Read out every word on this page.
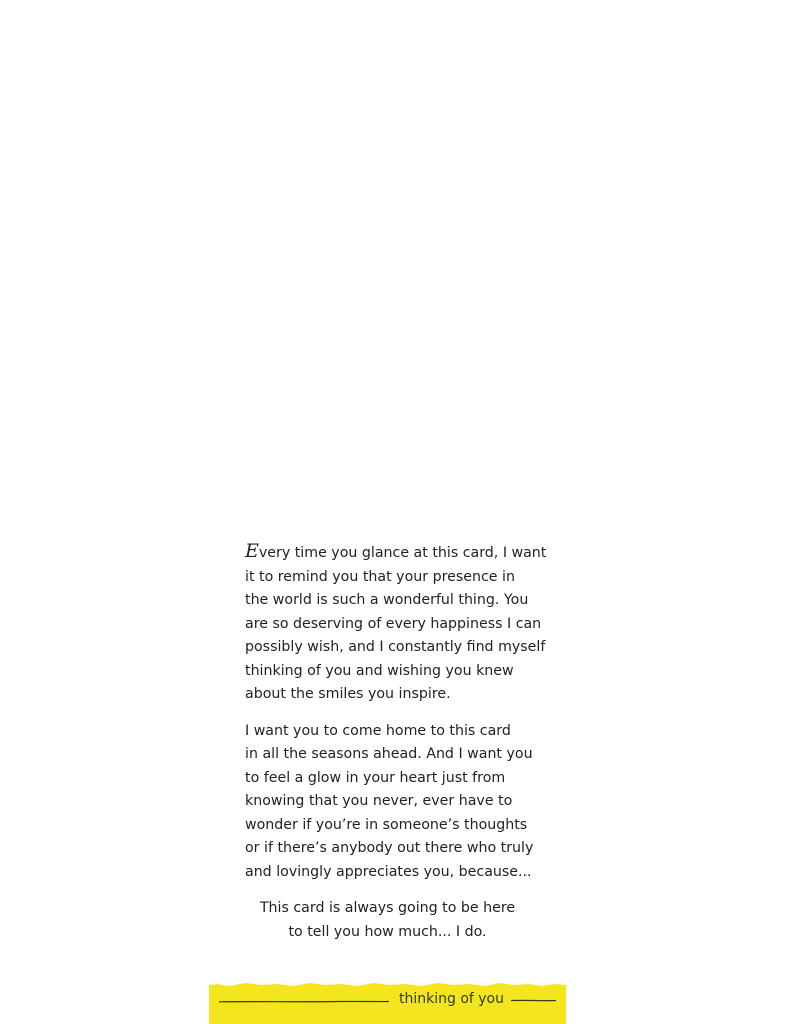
Every time you glance at this card, I want
it to remind you that your presence in
the world is such a wonderful thing. You
are so deserving of every happiness I can
possibly wish, and I constantly find myself
thinking of you and wishing you knew
about the smiles you inspire.

I want you to come home to this card
in all the seasons ahead. And I want you
to feel a glow in your heart just from
knowing that you never, ever have to
wonder if you’re in someone’s thoughts
or if there’s anybody out there who truly
and lovingly appreciates you, because...

This card is always going to be here
to tell you how much... I do.
thinking of you
